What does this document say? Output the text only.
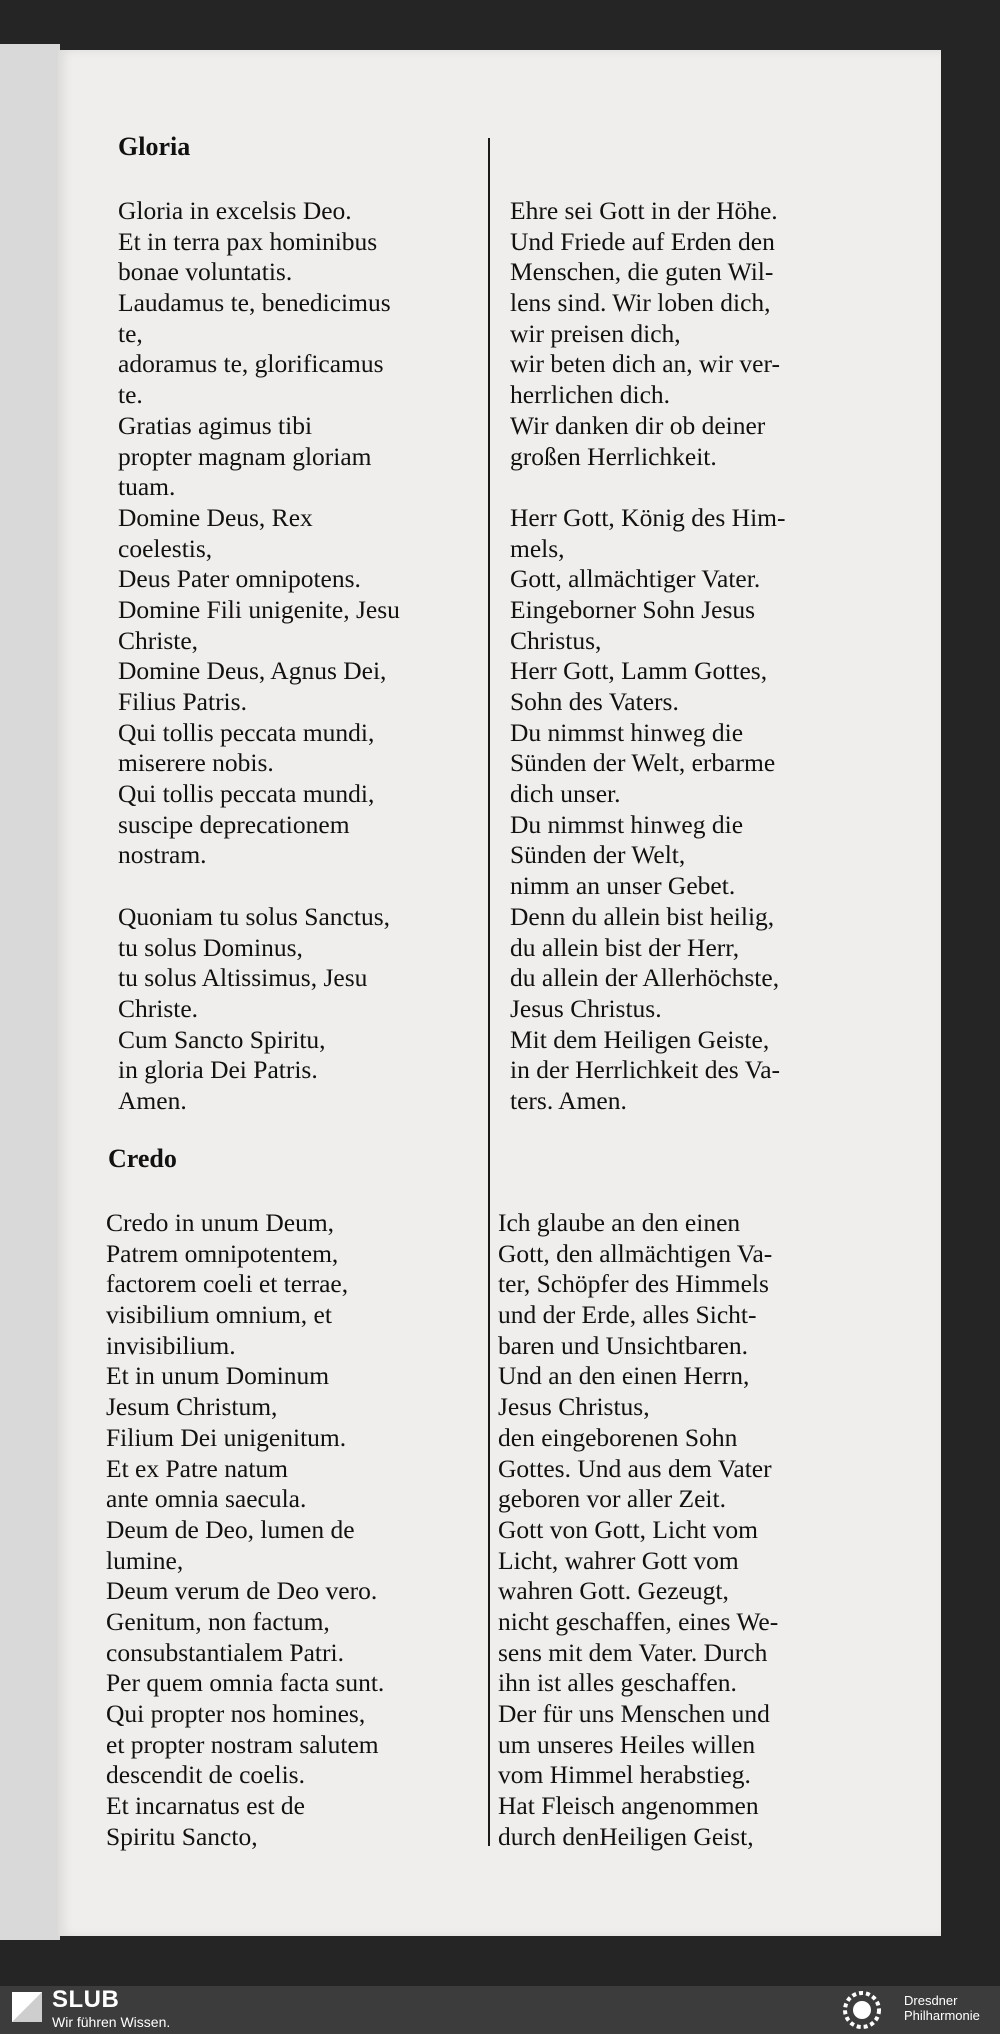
Gloria
Gloria in excelsis Deo.
Et in terra pax hominibus
bonae voluntatis.
Laudamus te, benedicimus
te,
adoramus te, glorificamus
te.
Gratias agimus tibi
propter magnam gloriam
tuam.
Domine Deus, Rex
coelestis,
Deus Pater omnipotens.
Domine Fili unigenite, Jesu
Christe,
Domine Deus, Agnus Dei,
Filius Patris.
Qui tollis peccata mundi,
miserere nobis.
Qui tollis peccata mundi,
suscipe deprecationem
nostram.
Quoniam tu solus Sanctus,
tu solus Dominus,
tu solus Altissimus, Jesu
Christe.
Cum Sancto Spiritu,
in gloria Dei Patris.
Amen.
Ehre sei Gott in der Höhe.
Und Friede auf Erden den
Menschen, die guten Wil-
lens sind. Wir loben dich,
wir preisen dich,
wir beten dich an, wir ver-
herrlichen dich.
Wir danken dir ob deiner
großen Herrlichkeit.
Herr Gott, König des Him-
mels,
Gott, allmächtiger Vater.
Eingeborner Sohn Jesus
Christus,
Herr Gott, Lamm Gottes,
Sohn des Vaters.
Du nimmst hinweg die
Sünden der Welt, erbarme
dich unser.
Du nimmst hinweg die
Sünden der Welt,
nimm an unser Gebet.
Denn du allein bist heilig,
du allein bist der Herr,
du allein der Allerhöchste,
Jesus Christus.
Mit dem Heiligen Geiste,
in der Herrlichkeit des Va-
ters. Amen.
Credo
Credo in unum Deum,
Patrem omnipotentem,
factorem coeli et terrae,
visibilium omnium, et
invisibilium.
Et in unum Dominum
Jesum Christum,
Filium Dei unigenitum.
Et ex Patre natum
ante omnia saecula.
Deum de Deo, lumen de
lumine,
Deum verum de Deo vero.
Genitum, non factum,
consubstantialem Patri.
Per quem omnia facta sunt.
Qui propter nos homines,
et propter nostram salutem
descendit de coelis.
Et incarnatus est de
Spiritu Sancto,
Ich glaube an den einen
Gott, den allmächtigen Va-
ter, Schöpfer des Himmels
und der Erde, alles Sicht-
baren und Unsichtbaren.
Und an den einen Herrn,
Jesus Christus,
den eingeborenen Sohn
Gottes. Und aus dem Vater
geboren vor aller Zeit.
Gott von Gott, Licht vom
Licht, wahrer Gott vom
wahren Gott. Gezeugt,
nicht geschaffen, eines We-
sens mit dem Vater. Durch
ihn ist alles geschaffen.
Der für uns Menschen und
um unseres Heiles willen
vom Himmel herabstieg.
Hat Fleisch angenommen
durch denHeiligen Geist,
SLUB
Wir führen Wissen.
Dresdner
Philharmonie
